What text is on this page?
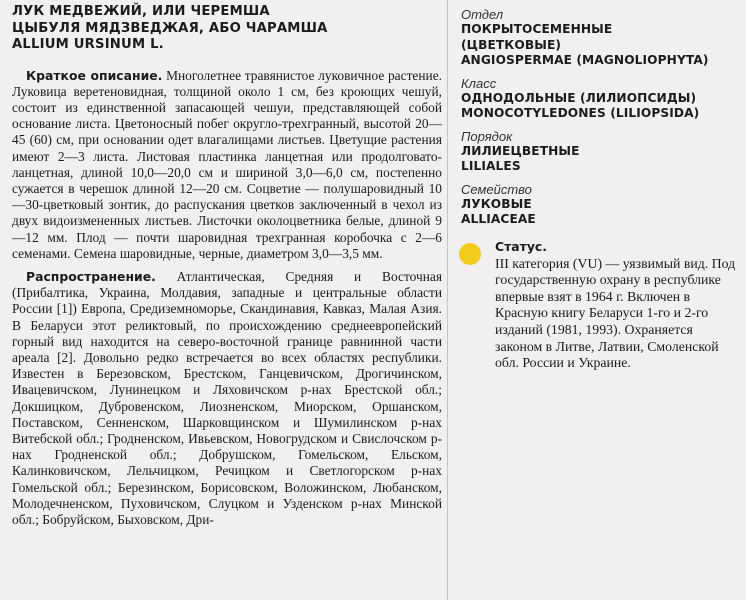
ЛУК МЕДВЕЖИЙ, ИЛИ ЧЕРЕМША
ЦЫБУЛЯ МЯДЗВЕДЖАЯ, АБО ЧАРАМША
ALLIUM URSINUM L.

Краткое описание. Многолетнее травянистое луковичное растение. Луковица веретеновидная, толщиной около 1 см, без кроющих чешуй, состоит из единственной запасающей чешуи, представляющей собой основание листа. Цветоносный побег округло-трехгранный, высотой 20—45 (60) см, при основании одет влагалищами листьев. Цветущие растения имеют 2—3 листа. Листовая пластинка ланцетная или продолговато-ланцетная, длиной 10,0—20,0 см и шириной 3,0—6,0 см, постепенно сужается в черешок длиной 12—20 см. Соцветие — полушаровидный 10—30-цветковый зонтик, до распускания цветков заключенный в чехол из двух видоизмененных листьев. Листочки околоцветника белые, длиной 9—12 мм. Плод — почти шаровидная трехгранная коробочка с 2—6 семенами. Семена шаровидные, черные, диаметром 3,0—3,5 мм.

Распространение. Атлантическая, Средняя и Восточная (Прибалтика, Украина, Молдавия, западные и центральные области России [1]) Европа, Средиземноморье, Скандинавия, Кавказ, Малая Азия. В Беларуси этот реликтовый, по происхождению среднеевропейский горный вид находится на северо-восточной границе равнинной части ареала [2]. Довольно редко встречается во всех областях республики. Известен в Березовском, Брестском, Ганцевичском, Дрогичинском, Ивацевичском, Лунинецком и Ляховичском р-нах Брестской обл.; Докшицком, Дубровенском, Лиозненском, Миорском, Оршанском, Поставском, Сенненском, Шарковщинском и Шумилинском р-нах Витебской обл.; Гродненском, Ивьевском, Новогрудском и Свислочском р-нах Гродненской обл.; Добрушском, Гомельском, Ельском, Калинковичском, Лельчицком, Речицком и Светлогорском р-нах Гомельской обл.; Березинском, Борисовском, Воложинском, Любанском, Молодечненском, Пуховичском, Слуцком и Узденском р-нах Минской обл.; Бобруйском, Быховском, Дри-

Отдел
ПОКРЫТОСЕМЕННЫЕ
(ЦВЕТКОВЫЕ)
ANGIOSPERMAE (MAGNOLIOPHYTA)
Класс
ОДНОДОЛЬНЫЕ (ЛИЛИОПСИДЫ)
MONOCOTYLEDONES (LILIOPSIDA)
Порядок
ЛИЛИЕЦВЕТНЫЕ
LILIALES
Семейство
ЛУКОВЫЕ
ALLIACEAE
Статус.
III категория (VU) — уязвимый вид. Под государственную охрану в республике впервые взят в 1964 г. Включен в Красную книгу Беларуси 1-го и 2-го изданий (1981, 1993). Охраняется законом в Литве, Латвии, Смоленской обл. России и Украине.
